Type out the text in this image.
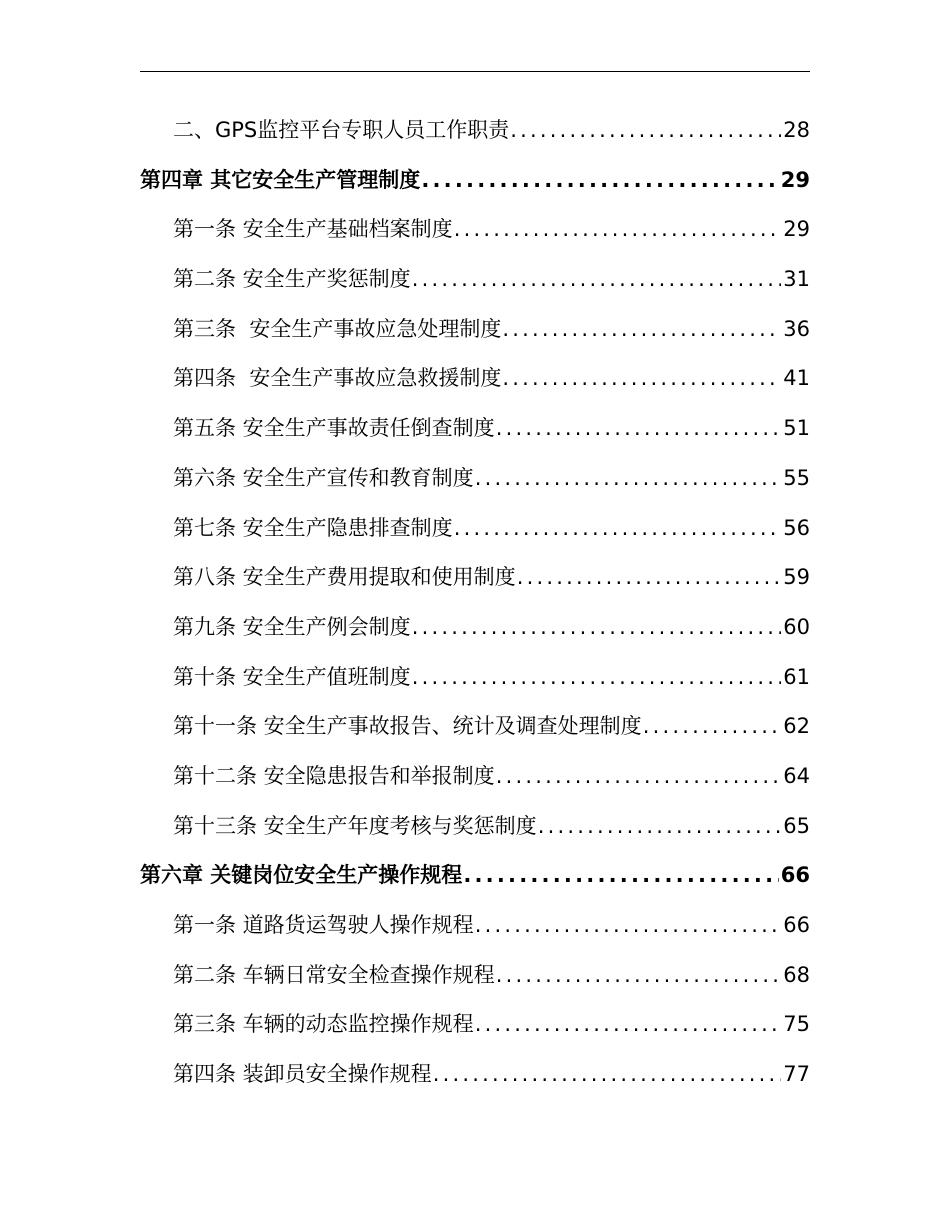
二、GPS监控平台专职人员工作职责 .....	28
第四章 其它安全生产管理制度 .....	29
第一条 安全生产基础档案制度 .....	29
第二条 安全生产奖惩制度 .....	31
第三条  安全生产事故应急处理制度 .....	36
第四条  安全生产事故应急救援制度 .....	41
第五条 安全生产事故责任倒查制度 .....	51
第六条 安全生产宣传和教育制度 .....	55
第七条 安全生产隐患排查制度 .....	56
第八条 安全生产费用提取和使用制度 .....	59
第九条 安全生产例会制度 .....	60
第十条 安全生产值班制度 .....	61
第十一条 安全生产事故报告、统计及调查处理制度 .....	62
第十二条 安全隐患报告和举报制度 .....	64
第十三条 安全生产年度考核与奖惩制度 .....	65
第六章 关键岗位安全生产操作规程 .....	66
第一条 道路货运驾驶人操作规程 .....	66
第二条 车辆日常安全检查操作规程 .....	68
第三条 车辆的动态监控操作规程 .....	75
第四条 装卸员安全操作规程 .....	77
